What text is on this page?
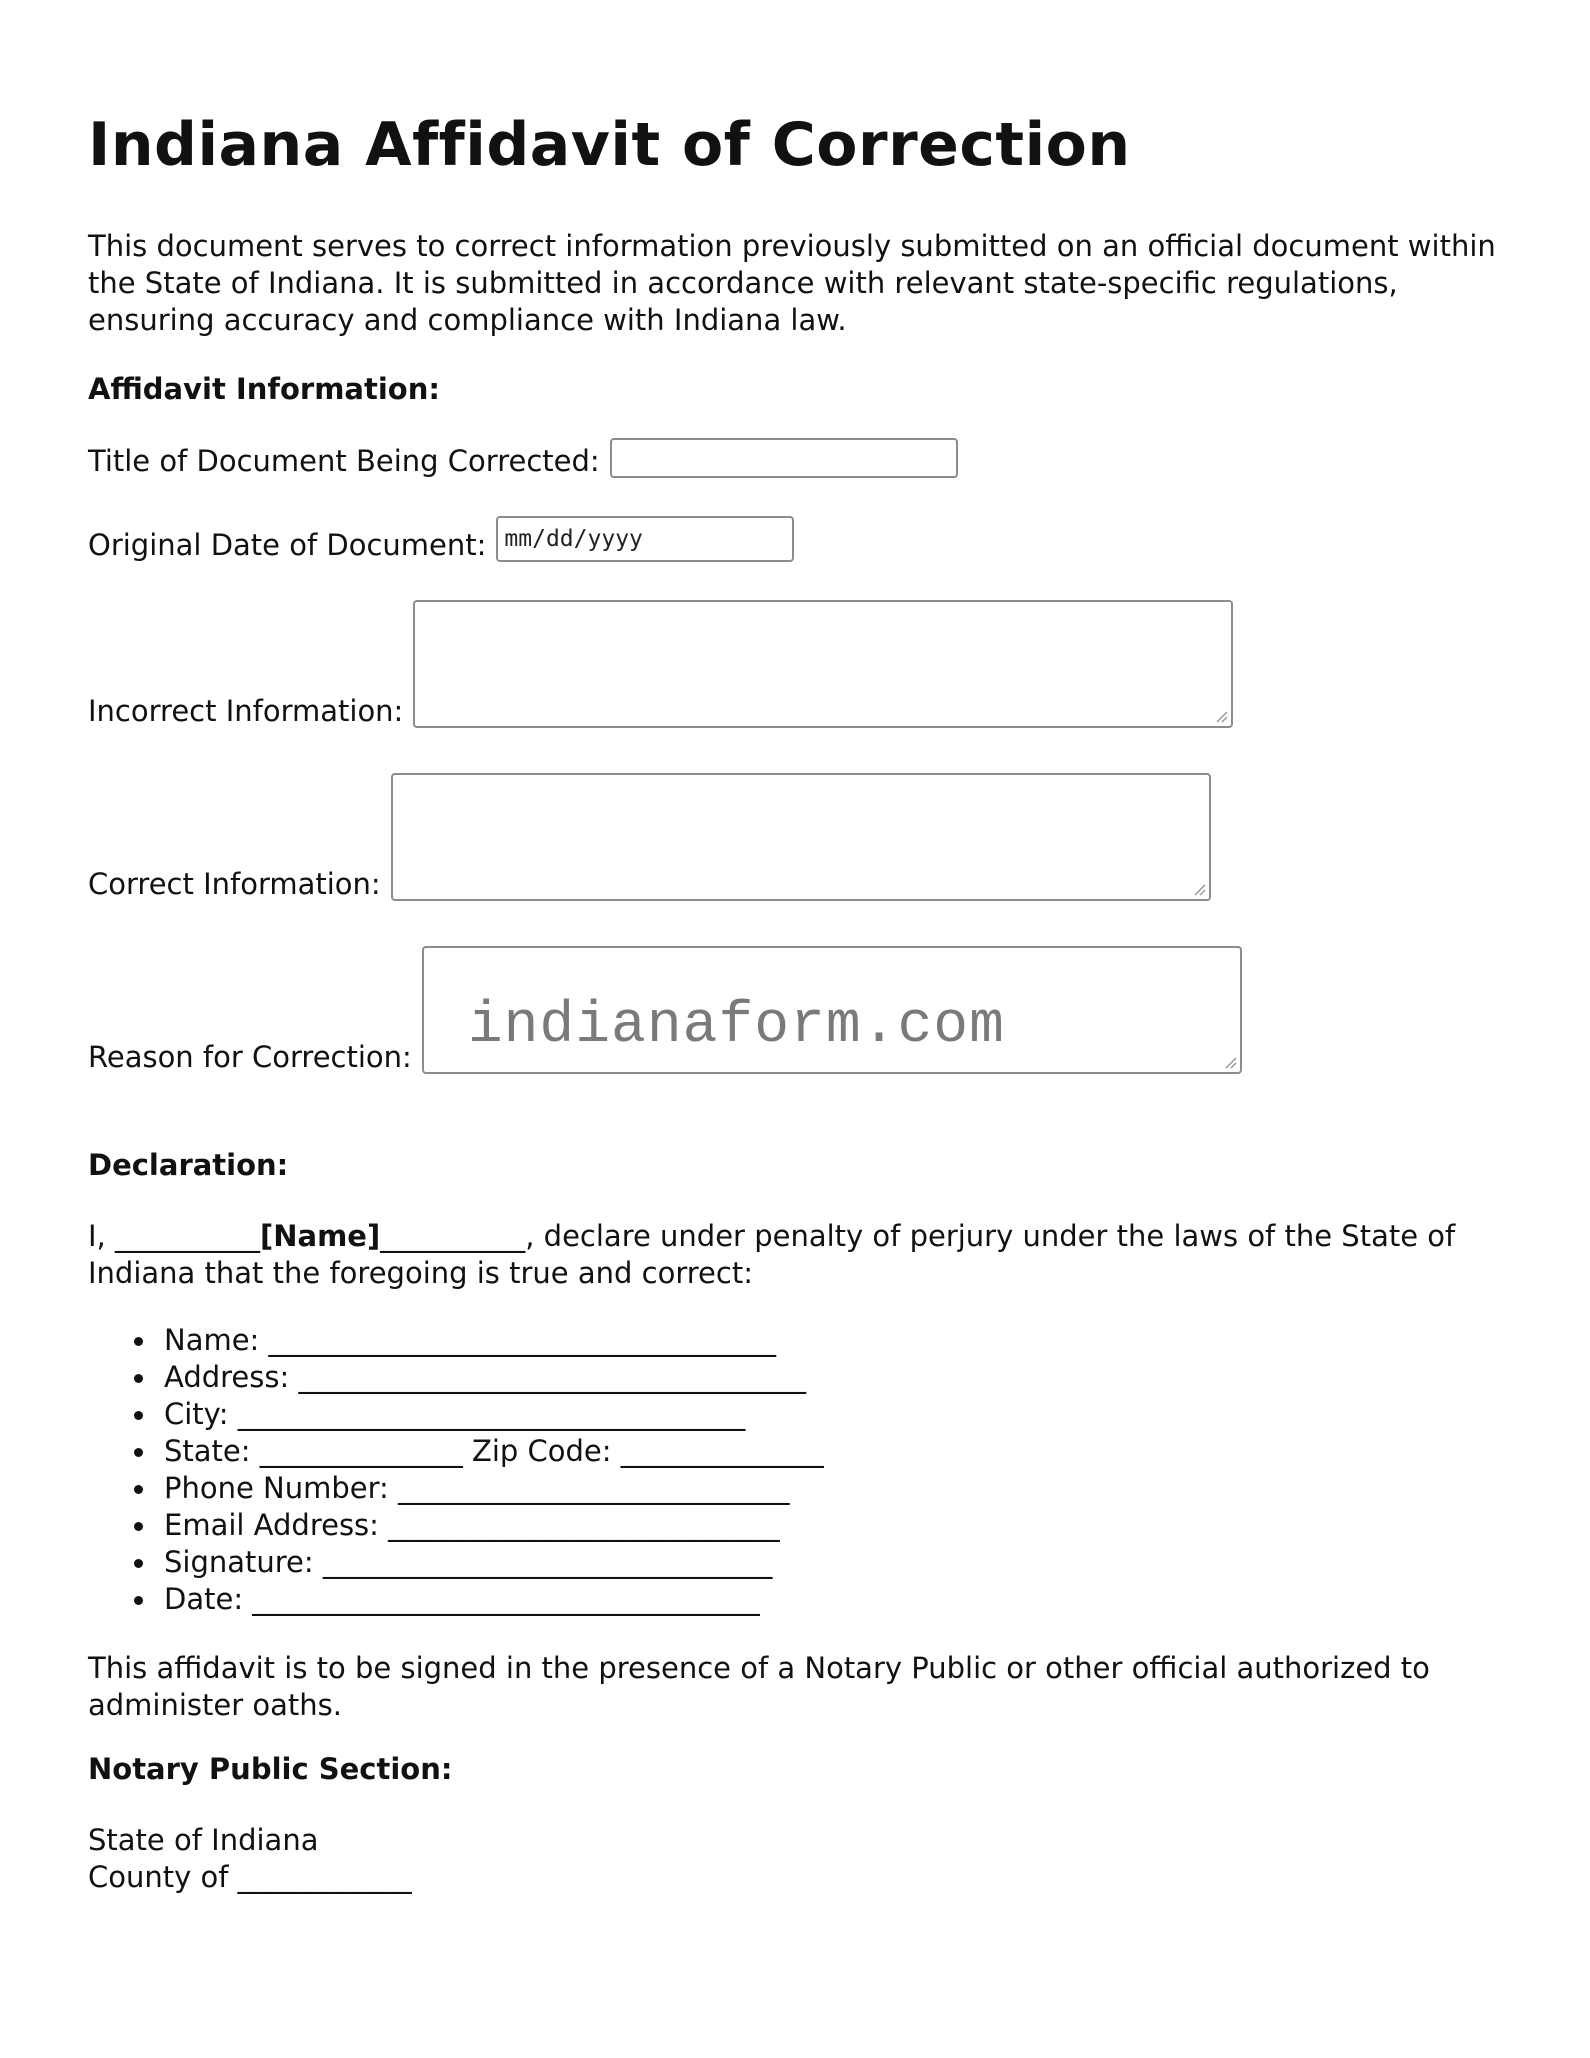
Indiana Affidavit of Correction

This document serves to correct information previously submitted on an official document within the State of Indiana. It is submitted in accordance with relevant state-specific regulations, ensuring accuracy and compliance with Indiana law.

Affidavit Information:

Title of Document Being Corrected:
Original Date of Document: mm/dd/yyyy
Incorrect Information:
Correct Information:
Reason for Correction: indianaform.com

Declaration:

I, __________[Name]__________, declare under penalty of perjury under the laws of the State of Indiana that the foregoing is true and correct:

Name: ___________________________________
Address: ___________________________________
City: ___________________________________
State: ______________ Zip Code: ______________
Phone Number: ___________________________
Email Address: ___________________________
Signature: _______________________________
Date: ___________________________________

This affidavit is to be signed in the presence of a Notary Public or other official authorized to administer oaths.

Notary Public Section:

State of Indiana
County of ____________
